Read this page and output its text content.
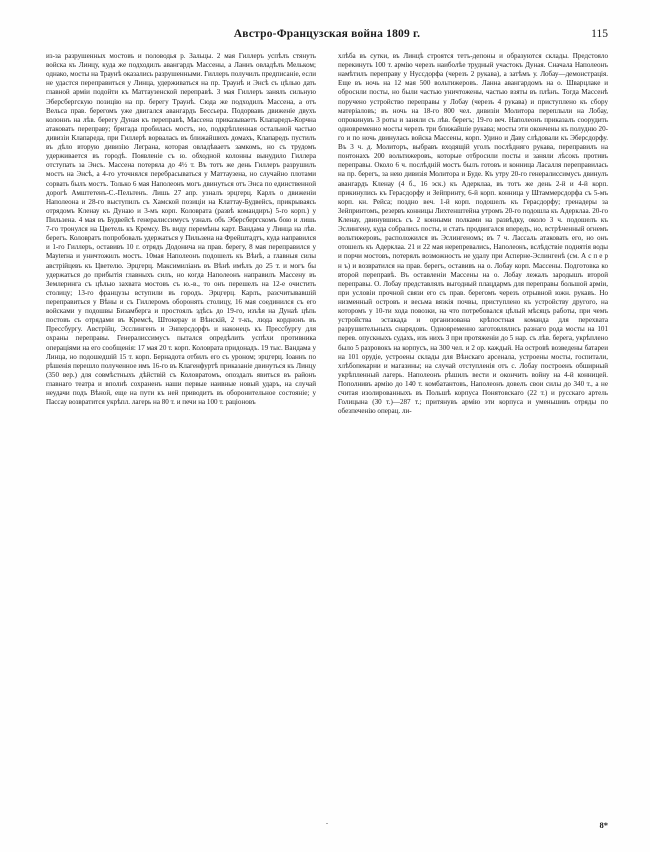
Австро-Французская война 1809 г.	115

из-за разрушенных мостовъ и половодья р. Зальцы. 2 мая Гиллеръ успѣлъ стянуть войска къ Линцу, куда же подходилъ авангардъ Массены, а Ланнъ овладѣлъ Мельком; однако, мосты на Траунѣ оказались разрушенными. Гиллеръ получилъ предписаніе, если не удастся переправиться у Линца, удерживаться на пр. Траунѣ и Энсѣ съ цѣлью дать главной арміи подойти къ Маттаузенской переправѣ. 3 мая Гиллеръ занялъ сильную Эберсбергскую позицію на пр. берегу Траунѣ. Сюда же подходилъ Массена, а отъ Вельса прав. берегомъ уже двигался авангардъ Бессьера. Подорвавъ движеніе двухъ колоннъ на лѣв. берегу Дуная къ переправѣ, Массена приказываетъ Клапаредъ-Корчна атаковать переправу; бригада пробилась мостъ, но, подкрѣпленная остальной частью дивизіи Клапареда, при Гиллерѣ ворвалась въ ближайшихъ домахъ, Клапаредъ пустилъ въ дѣло вторую дивизію Леграна, которая овладѣваетъ замкомъ, но съ трудомъ удерживается въ городѣ. Появленіе съ ю. обходной колонны вынудило Гиллера отступать за Энсъ. Массена потеряла до 4½ т. Въ тотъ же день Гиллеръ разрушилъ мостъ на Энсѣ, а 4-го уточнялся перебрасываться у Маттаузена, но случайно плотами сорвать былъ мостъ. Только 6 мая Наполеонъ могъ двинуться отъ Энса по единственной дорогѣ Амштетенъ-С.-Пельтенъ. Лишь 27 апр. узналъ эрцгерц. Карлъ о движеніи Наполеона и 28-го выступилъ съ Хамской позиціи на Клаттау-Будвейсъ, прикрываясь отрядомъ Кленау къ Дунаю и 3-мъ корп. Коловрата (развѣ командиръ) 5-го корп.) у Пильзена. 4 мая въ Будвейсѣ генералиссимусъ узналъ объ Эберсбергскомъ бою и лишь 7-го тронулся на Цветель къ Кремсу. Въ виду перемѣны карт. Вандама у Линца на лѣв. берегъ. Коловратъ попробовалъ удержаться у Пильзена на Фрейштадтъ, куда направился и 1-го Гиллеръ, оставивъ 10 г. отрядъ Додонича на прав. берегу, 8 мая переправился у Мауterна и уничтожилъ мостъ. 10мая Наполеонъ подошелъ къ Вѣнѣ, а главныя силы австрійцевъ къ Цветелю. Эрцгерц. Максимиліанъ въ Вѣнѣ имѣлъ до 25 т. и могъ бы удержаться до прибытія главныхъ силъ, но когда Наполеонъ направилъ Массену въ Землеринга съ цѣлью захвата мостовъ съ ю.-в., то онъ перешелъ на 12-е очистить столицу; 13-го французы вступили въ городъ. Эрцгерц. Карлъ, разсчитывавшій переправиться у Вѣны и съ Гиллеромъ оборонять столицу, 16 мая соединился съ его войсками у подошвы Бизамберга и простоялъ здѣсь до 19-го, изъѣя на Дунаѣ цѣпь постовъ съ отрядами въ Кремсѣ, Штокерау и Вѣнскій, 2 т-къ, люда корднонъ въ Прессбургу. Австрійц. Эсслингенъ и Энперсдорфъ и наконецъ къ Прессбургу для охраны переправы. Генералиссимусъ пытался опредѣлить успѣхи противника операціями на его сообщенія: 17 мая 20 т. корп. Коловрата придонадъ. 19 тыс. Вандама у Линца, но подошедшій 15 т. корп. Бернадота отбилъ его съ уроном; эрцгерц. Іоаннъ по рѣшенія перешло полученное имъ 16-го въ Клагенфуртѣ приказаніе двинуться къ Линцу (350 вер.) для совмѣстныхъ дѣйствій съ Коловратомъ, опоздалъ явиться въ районъ главнаго театра и вполнѣ сохраненъ наши первые наивные новый ударъ, на случай неудачи подъ Вѣной, еще на пути къ ней приводитъ въ оборонительное состояніе; у Пассау возвратится укрѣпл. лагерь на 80 т. и печи на 100 т. раціоновъ

хлѣба въ сутки, въ Линцѣ строятся тетъ-депоны и образуются склады. Предстояло перекинуть 100 т. армію черезъ наиболѣе трудный участокъ Дуная. Сначала Наполеонъ намѣтилъ переправу у Нуссдорфа (черезъ 2 рукава), а затѣмъ у. Лобау—демонстрація. Еще въ ночь на 12 мая 500 вольтижеровъ. Ланна авангардомъ на о. Шварцлаке и оброснли посты, но были частью уничтожены, частью взяты въ плѣнъ. Тогда Массенѣ поручено устройство переправы у Лобау (черезъ 4 рукава) и приступлено къ сбору матеріаловъ; въ ночь на 18-го 800 чел. дивизіи Молитора переплыли на Лобау, опрокинувъ 3 роты и заняли съ лѣв. берегъ; 19-го веч. Наполеонъ приказалъ соорудить одновременно мосты черезъ три ближайшіе рукава; мосты эти окончены къ полудню 20-го и по ночь двинулась войска Массены, корп. Удино и Даву слѣдовали къ Эберсдорфу. Въ 3 ч. д. Молиторъ, выбравъ входящій уголъ послѣдняго рукава, переправилъ на понтонахъ 200 вольтижеровъ, которые отбросили посты и заняли лѣсокъ противъ переправы. Около 6 ч. послѣдній мостъ былъ готовъ и конница Ласалля переправилась на пр. берегъ, за нею дивизія Молитора и Буде. Къ утру 20-го генералиссимусъ двинулъ авангардъ Кленау (4 б., 16 эск.) къ Адерклаа, въ тотъ же день 2-й и 4-й корп. прикинулись къ Герасдорфу и Зейпринту, 6-й корп. конница у Штаммерсдорфа съ 5-мъ корп. кн. Рейса; поздно веч. 1-й корп. подошелъ къ Герасдорфу; гренадеры за Зейпринтомъ, резервъ конницы Лихтенштейна утромъ 20-го подошла къ Адерклаа. 20-го Кленау, двинувшись съ 2 конными полками на развѣдку, около 3 ч. подошелъ къ Эслингену, куда собрались посты, и стать продвигался впередъ, но, встрѣченный огнемъ вольтижеровъ, расположился въ Эслингеномъ; въ 7 ч. Лассаль атаковать его, но онъ отошелъ къ Адерклаа. 21 и 22 мая нерепревались, Наполеонъ, вслѣдствіе поднятія воды и порчи мостовъ, потерялъ возможность не удалу при Асперне-Эслингенѣ (см. А с п е р н ъ) и возвратился на прав. берегъ, оставивъ на о. Лобау корп. Массены. Подготовка ко второй переправѣ. Въ оставленіи Массены на о. Лобау лежалъ зародышъ второй переправы. О. Лобау представлялъ выгодный плацдармъ для переправы большой арміи, при условіи прочной связи его съ прав. берегомъ черезъ отрывной южн. рукавъ. Но низменный островъ и весьма вязкія почвы, приступлено къ устройству другого, на которомъ у 10-ти хода повозки, на что потребовался цѣлый мѣсяцъ работы, при чемъ устройства эстакада и организована крѣпостная команда для перехвата разрушительныхъ снарядовъ. Одновременно заготовлялись разнаго рода мосты на 101 перев. опускныхъ судахъ, изъ нихъ 3 при протяженіи до 5 нар. съ лѣв. берега, укрѣплено было 5 разровокъ на корпусъ, на 300 чел. и 2 ор. каждый. На островѣ возведены батареи на 101 орудіе, устроены склады для Вѣнскаго арсенала, устроены мосты, госпитали, хлѣбопекарни и магазины; на случай отступленія отъ с. Лобау построенъ обширный укрѣпленный лагерь. Наполеонъ рѣшилъ вести и окончить войну на 4-й конницей. Пополнивъ армію до 140 т. комбатантовъ, Наполеонъ довелъ свои силы до 340 т., а не считая изолированныхъ въ Польшѣ корпуса Понятовскаго (22 т.) и русскаго артель Голицына (30 т.)—287 т.; притянувъ армію эти корпуса и уменьшивъ отряды по обезпеченію операц. ли-

.	8*
